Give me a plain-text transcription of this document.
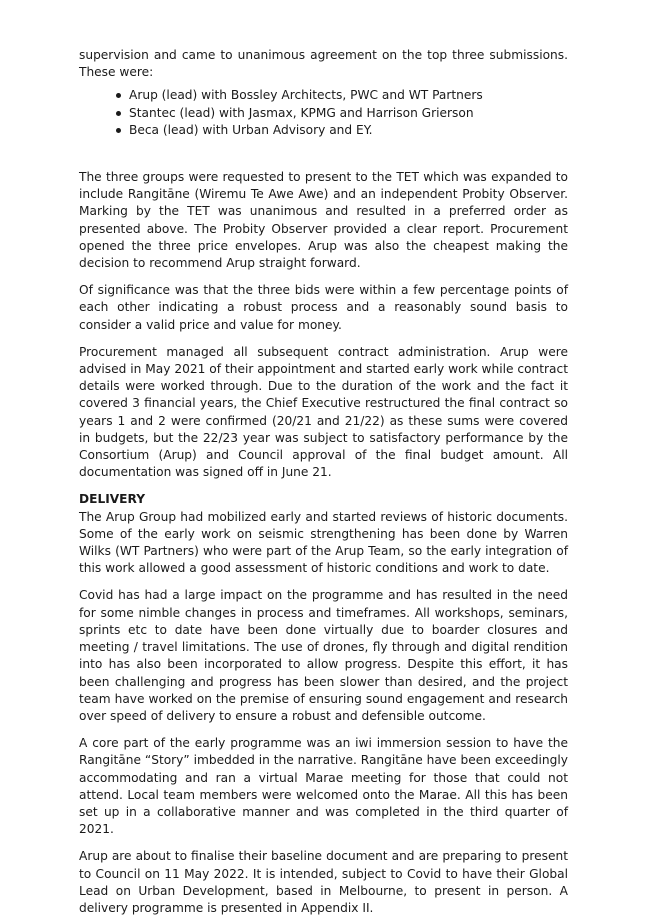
supervision and came to unanimous agreement on the top three submissions. These were:

Arup (lead) with Bossley Architects, PWC and WT Partners
Stantec (lead) with Jasmax, KPMG and Harrison Grierson
Beca (lead) with Urban Advisory and EY.

The three groups were requested to present to the TET which was expanded to include Rangitāne (Wiremu Te Awe Awe) and an independent Probity Observer. Marking by the TET was unanimous and resulted in a preferred order as presented above. The Probity Observer provided a clear report. Procurement opened the three price envelopes. Arup was also the cheapest making the decision to recommend Arup straight forward.

Of significance was that the three bids were within a few percentage points of each other indicating a robust process and a reasonably sound basis to consider a valid price and value for money.

Procurement managed all subsequent contract administration. Arup were advised in May 2021 of their appointment and started early work while contract details were worked through. Due to the duration of the work and the fact it covered 3 financial years, the Chief Executive restructured the final contract so years 1 and 2 were confirmed (20/21 and 21/22) as these sums were covered in budgets, but the 22/23 year was subject to satisfactory performance by the Consortium (Arup) and Council approval of the final budget amount. All documentation was signed off in June 21.

DELIVERY

The Arup Group had mobilized early and started reviews of historic documents. Some of the early work on seismic strengthening has been done by Warren Wilks (WT Partners) who were part of the Arup Team, so the early integration of this work allowed a good assessment of historic conditions and work to date.

Covid has had a large impact on the programme and has resulted in the need for some nimble changes in process and timeframes. All workshops, seminars, sprints etc to date have been done virtually due to boarder closures and meeting / travel limitations. The use of drones, fly through and digital rendition into has also been incorporated to allow progress. Despite this effort, it has been challenging and progress has been slower than desired, and the project team have worked on the premise of ensuring sound engagement and research over speed of delivery to ensure a robust and defensible outcome.

A core part of the early programme was an iwi immersion session to have the Rangitāne “Story” imbedded in the narrative. Rangitāne have been exceedingly accommodating and ran a virtual Marae meeting for those that could not attend. Local team members were welcomed onto the Marae. All this has been set up in a collaborative manner and was completed in the third quarter of 2021.

Arup are about to finalise their baseline document and are preparing to present to Council on 11 May 2022. It is intended, subject to Covid to have their Global Lead on Urban Development, based in Melbourne, to present in person. A delivery programme is presented in Appendix II.
